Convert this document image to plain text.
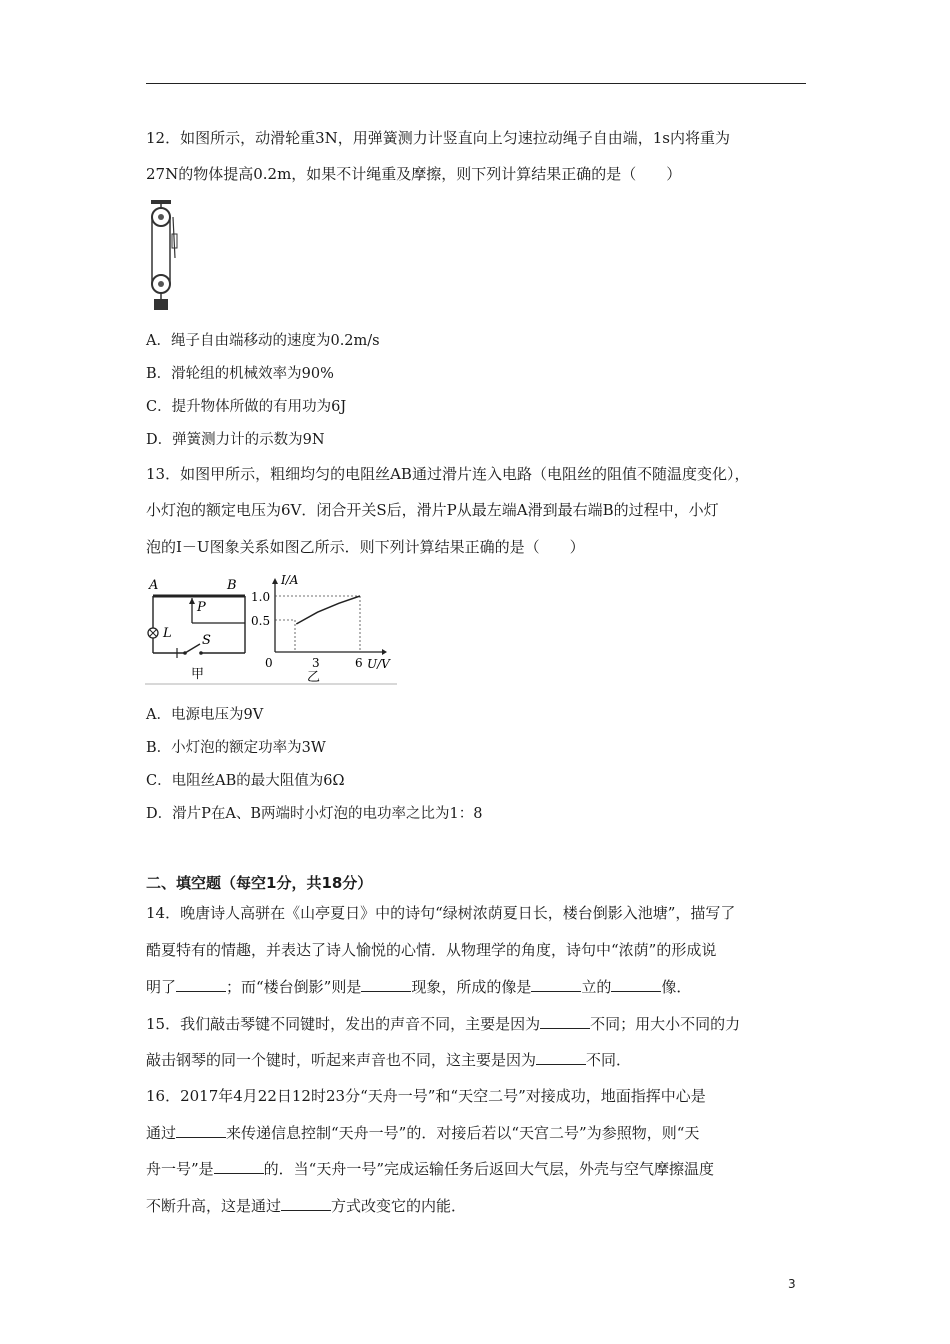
12．如图所示，动滑轮重3N，用弹簧测力计竖直向上匀速拉动绳子自由端，1s内将重为
27N的物体提高0.2m，如果不计绳重及摩擦，则下列计算结果正确的是（　　）
A．绳子自由端移动的速度为0.2m/s
B．滑轮组的机械效率为90%
C．提升物体所做的有用功为6J
D．弹簧测力计的示数为9N
13．如图甲所示，粗细均匀的电阻丝AB通过滑片连入电路（电阻丝的阻值不随温度变化），
小灯泡的额定电压为6V．闭合开关S后，滑片P从最左端A滑到最右端B的过程中，小灯
泡的I－U图象关系如图乙所示．则下列计算结果正确的是（　　）
A	B
P
L S
甲
I/A
1.0
0.5
0	3	6 U/V
乙
A．电源电压为9V
B．小灯泡的额定功率为3W
C．电阻丝AB的最大阻值为6Ω
D．滑片P在A、B两端时小灯泡的电功率之比为1：8
二、填空题（每空1分，共18分）
14．晚唐诗人高骈在《山亭夏日》中的诗句“绿树浓荫夏日长，楼台倒影入池塘”，描写了
酷夏特有的情趣，并表达了诗人愉悦的心情．从物理学的角度，诗句中“浓荫”的形成说
明了	；而“楼台倒影”则是	现象，所成的像是	立的	像．
15．我们敲击琴键不同键时，发出的声音不同，主要是因为	不同；用大小不同的力
敲击钢琴的同一个键时，听起来声音也不同，这主要是因为	不同．
16．2017年4月22日12时23分“天舟一号”和“天空二号”对接成功，地面指挥中心是
通过	来传递信息控制“天舟一号”的．对接后若以“天宫二号”为参照物，则“天
舟一号”是	的．当“天舟一号”完成运输任务后返回大气层，外壳与空气摩擦温度
不断升高，这是通过	方式改变它的内能．
3
